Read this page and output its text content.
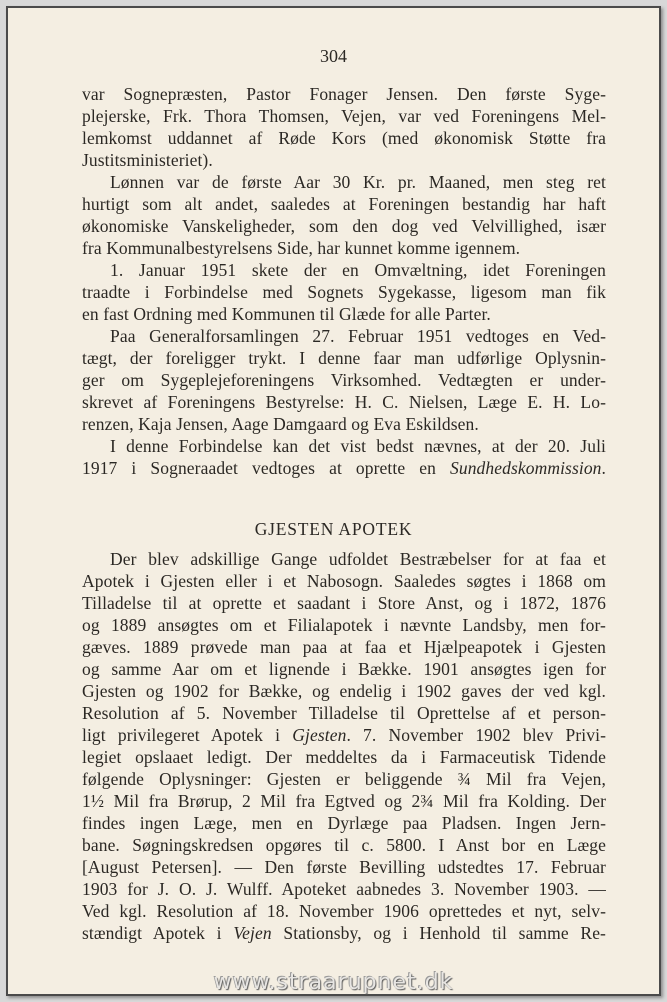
304
var Sognepræsten, Pastor Fonager Jensen. Den første Syge-
plejerske, Frk. Thora Thomsen, Vejen, var ved Foreningens Mel-
lemkomst uddannet af Røde Kors (med økonomisk Støtte fra
Justitsministeriet).
Lønnen var de første Aar 30 Kr. pr. Maaned, men steg ret
hurtigt som alt andet, saaledes at Foreningen bestandig har haft
økonomiske Vanskeligheder, som den dog ved Velvillighed, især
fra Kommunalbestyrelsens Side, har kunnet komme igennem.
1. Januar 1951 skete der en Omvæltning, idet Foreningen
traadte i Forbindelse med Sognets Sygekasse, ligesom man fik
en fast Ordning med Kommunen til Glæde for alle Parter.
Paa Generalforsamlingen 27. Februar 1951 vedtoges en Ved-
tægt, der foreligger trykt. I denne faar man udførlige Oplysnin-
ger om Sygeplejeforeningens Virksomhed. Vedtægten er under-
skrevet af Foreningens Bestyrelse: H. C. Nielsen, Læge E. H. Lo-
renzen, Kaja Jensen, Aage Damgaard og Eva Eskildsen.
I denne Forbindelse kan det vist bedst nævnes, at der 20. Juli
1917 i Sogneraadet vedtoges at oprette en Sundhedskommission.
GJESTEN APOTEK
Der blev adskillige Gange udfoldet Bestræbelser for at faa et
Apotek i Gjesten eller i et Nabosogn. Saaledes søgtes i 1868 om
Tilladelse til at oprette et saadant i Store Anst, og i 1872, 1876
og 1889 ansøgtes om et Filialapotek i nævnte Landsby, men for-
gæves. 1889 prøvede man paa at faa et Hjælpeapotek i Gjesten
og samme Aar om et lignende i Bække. 1901 ansøgtes igen for
Gjesten og 1902 for Bække, og endelig i 1902 gaves der ved kgl.
Resolution af 5. November Tilladelse til Oprettelse af et person-
ligt privilegeret Apotek i Gjesten. 7. November 1902 blev Privi-
legiet opslaaet ledigt. Der meddeltes da i Farmaceutisk Tidende
følgende Oplysninger: Gjesten er beliggende ¾ Mil fra Vejen,
1½ Mil fra Brørup, 2 Mil fra Egtved og 2¾ Mil fra Kolding. Der
findes ingen Læge, men en Dyrlæge paa Pladsen. Ingen Jern-
bane. Søgningskredsen opgøres til c. 5800. I Anst bor en Læge
[August Petersen]. — Den første Bevilling udstedtes 17. Februar
1903 for J. O. J. Wulff. Apoteket aabnedes 3. November 1903. —
Ved kgl. Resolution af 18. November 1906 oprettedes et nyt, selv-
stændigt Apotek i Vejen Stationsby, og i Henhold til samme Re-
www.straarupnet.dk
